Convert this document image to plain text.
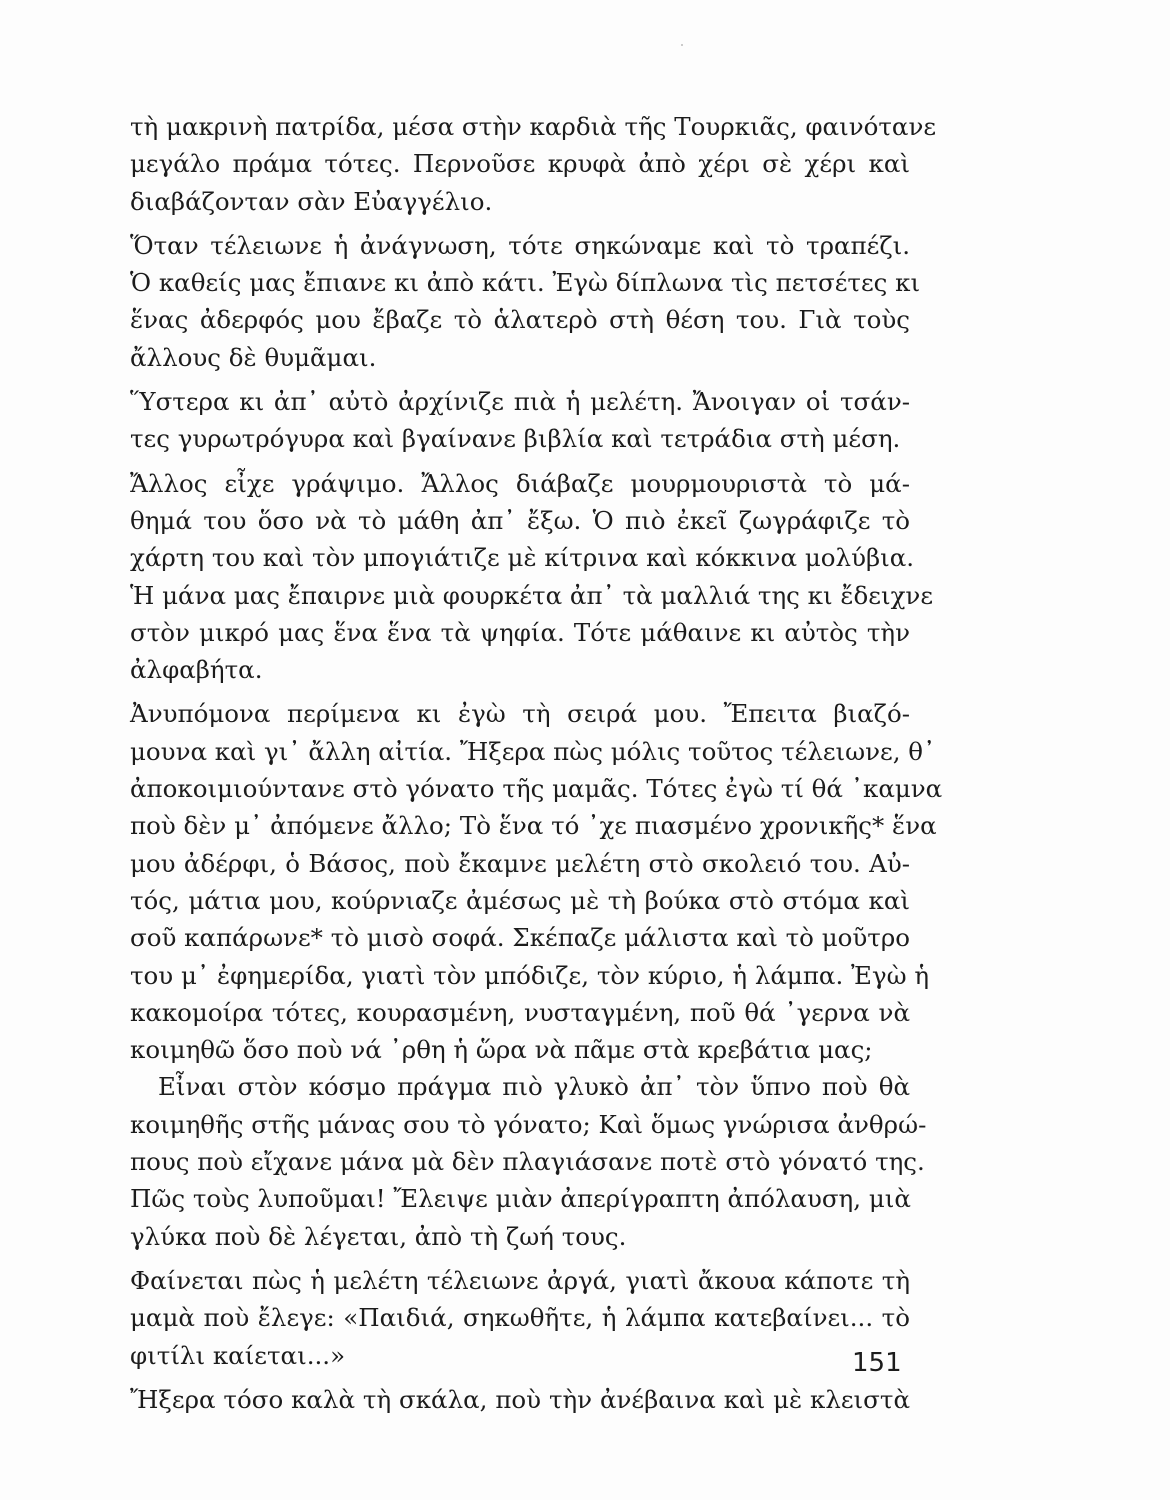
τὴ μακρινὴ πατρίδα, μέσα στὴν καρδιὰ τῆς Τουρκιᾶς, φαινότανε
μεγάλο πράμα τότες. Περνοῦσε κρυφὰ ἀπὸ χέρι σὲ χέρι καὶ
διαβάζονταν σὰν Εὐαγγέλιο.
Ὅταν τέλειωνε ἡ ἀνάγνωση, τότε σηκώναμε καὶ τὸ τραπέζι.
Ὁ καθείς μας ἔπιανε κι ἀπὸ κάτι. Ἐγὼ δίπλωνα τὶς πετσέτες κι
ἕνας ἀδερφός μου ἔβαζε τὸ ἁλατερὸ στὴ θέση του. Γιὰ τοὺς
ἄλλους δὲ θυμᾶμαι.
Ὕστερα κι ἀπ᾽ αὐτὸ ἀρχίνιζε πιὰ ἡ μελέτη. Ἄνοιγαν οἱ τσάν-
τες γυρωτρόγυρα καὶ βγαίνανε βιβλία καὶ τετράδια στὴ μέση.
Ἄλλος εἶχε γράψιμο. Ἄλλος διάβαζε μουρμουριστὰ τὸ μά-
θημά του ὅσο νὰ τὸ μάθη ἀπ᾽ ἔξω. Ὁ πιὸ ἐκεῖ ζωγράφιζε τὸ
χάρτη του καὶ τὸν μπογιάτιζε μὲ κίτρινα καὶ κόκκινα μολύβια.
Ἡ μάνα μας ἔπαιρνε μιὰ φουρκέτα ἀπ᾽ τὰ μαλλιά της κι ἔδειχνε
στὸν μικρό μας ἕνα ἕνα τὰ ψηφία. Τότε μάθαινε κι αὐτὸς τὴν
ἀλφαβήτα.
Ἀνυπόμονα περίμενα κι ἐγὼ τὴ σειρά μου. Ἔπειτα βιαζό-
μουνα καὶ γι᾽ ἄλλη αἰτία. Ἤξερα πὼς μόλις τοῦτος τέλειωνε, θ᾽
ἀποκοιμιούντανε στὸ γόνατο τῆς μαμᾶς. Τότες ἐγὼ τί θά ᾽καμνα
ποὺ δὲν μ᾽ ἀπόμενε ἄλλο; Τὸ ἕνα τό ᾽χε πιασμένο χρονικῆς* ἕνα
μου ἀδέρφι, ὁ Βάσος, ποὺ ἔκαμνε μελέτη στὸ σκολειό του. Αὐ-
τός, μάτια μου, κούρνιαζε ἀμέσως μὲ τὴ βούκα στὸ στόμα καὶ
σοῦ καπάρωνε* τὸ μισὸ σοφά. Σκέπαζε μάλιστα καὶ τὸ μοῦτρο
του μ᾽ ἐφημερίδα, γιατὶ τὸν μπόδιζε, τὸν κύριο, ἡ λάμπα. Ἐγὼ ἡ
κακομοίρα τότες, κουρασμένη, νυσταγμένη, ποῦ θά ᾽γερνα νὰ
κοιμηθῶ ὅσο ποὺ νά ᾽ρθη ἡ ὥρα νὰ πᾶμε στὰ κρεβάτια μας;
Εἶναι στὸν κόσμο πράγμα πιὸ γλυκὸ ἀπ᾽ τὸν ὕπνο ποὺ θὰ
κοιμηθῆς στῆς μάνας σου τὸ γόνατο; Καὶ ὅμως γνώρισα ἀνθρώ-
πους ποὺ εἴχανε μάνα μὰ δὲν πλαγιάσανε ποτὲ στὸ γόνατό της.
Πῶς τοὺς λυποῦμαι! Ἔλειψε μιὰν ἀπερίγραπτη ἀπόλαυση, μιὰ
γλύκα ποὺ δὲ λέγεται, ἀπὸ τὴ ζωή τους.
Φαίνεται πὼς ἡ μελέτη τέλειωνε ἀργά, γιατὶ ἄκουα κάποτε τὴ
μαμὰ ποὺ ἔλεγε: «Παιδιά, σηκωθῆτε, ἡ λάμπα κατεβαίνει... τὸ
φιτίλι καίεται...»
Ἤξερα τόσο καλὰ τὴ σκάλα, ποὺ τὴν ἀνέβαινα καὶ μὲ κλειστὰ
151
